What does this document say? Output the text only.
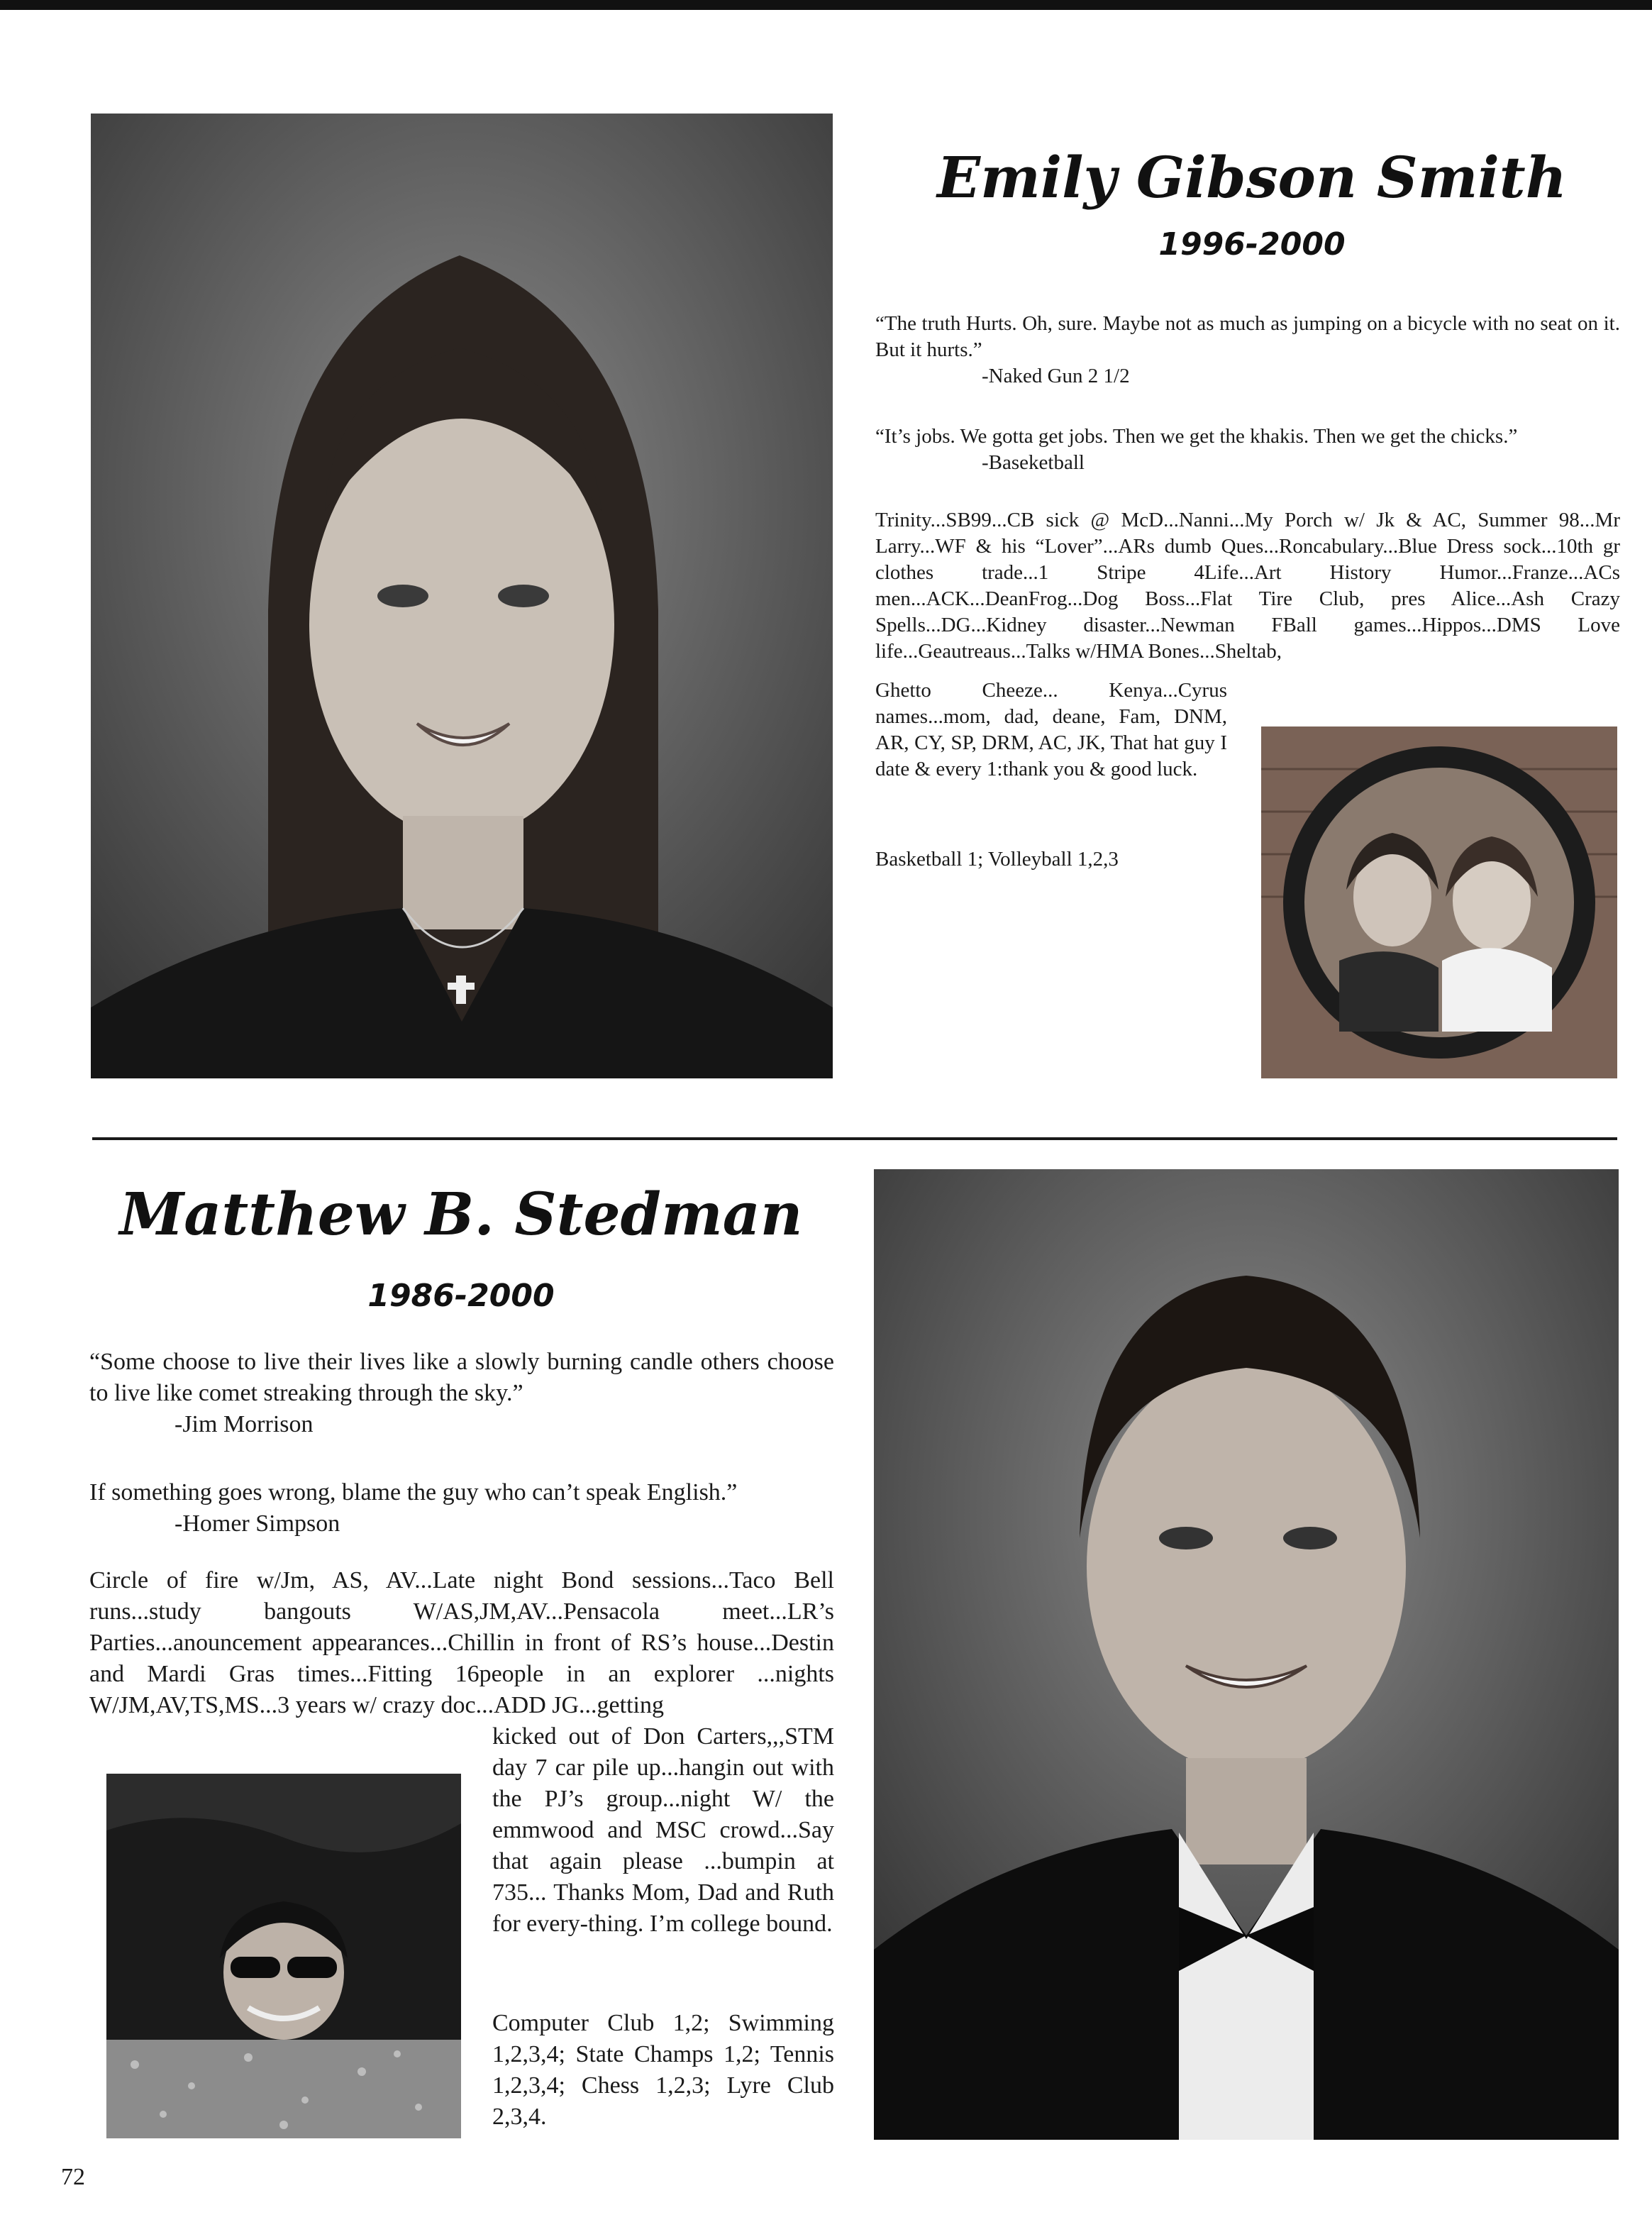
Emily Gibson Smith
1996-2000
“The truth Hurts. Oh, sure. Maybe not as much as jumping on a bicycle with no seat on it. But it hurts.”
-Naked Gun 2 1/2
“It’s jobs. We gotta get jobs. Then we get the khakis. Then we get the chicks.”
-Baseketball
Trinity...SB99...CB sick @ McD...Nanni...My Porch w/ Jk & AC, Summer 98...Mr Larry...WF & his “Lover”...ARs dumb Ques...Roncabulary...Blue Dress sock...10th gr clothes trade...1 Stripe 4Life...Art History Humor...Franze...ACs men...ACK...DeanFrog...Dog Boss...Flat Tire Club, pres Alice...Ash Crazy Spells...DG...Kidney disaster...Newman FBall games...Hippos...DMS Love life...Geautreaus...Talks w/HMA Bones...Sheltab,
Ghetto Cheeze... Kenya...Cyrus names...mom, dad, deane, Fam, DNM, AR, CY, SP, DRM, AC, JK, That hat guy I date & every 1:thank you & good luck.
Basketball 1; Volleyball 1,2,3
Matthew B. Stedman
1986-2000
“Some choose to live their lives like a slowly burning candle others choose to live like comet streaking through the sky.”
-Jim Morrison
If something goes wrong, blame the guy who can’t speak English.”
-Homer Simpson
Circle of fire w/Jm, AS, AV...Late night Bond sessions...Taco Bell runs...study bangouts W/AS,JM,AV...Pensacola meet...LR’s Parties...anouncement appearances...Chillin in front of RS’s house...Destin and Mardi Gras times...Fitting 16people in an explorer ...nights W/JM,AV,TS,MS...3 years w/ crazy doc...ADD JG...getting
kicked out of Don Carters,,,STM day 7 car pile up...hangin out with the PJ’s group...night W/ the emmwood and MSC crowd...Say that again please ...bumpin at 735... Thanks Mom, Dad and Ruth for every-thing. I’m college bound.
Computer Club 1,2; Swimming 1,2,3,4; State Champs 1,2; Tennis 1,2,3,4; Chess 1,2,3; Lyre Club 2,3,4.
72
